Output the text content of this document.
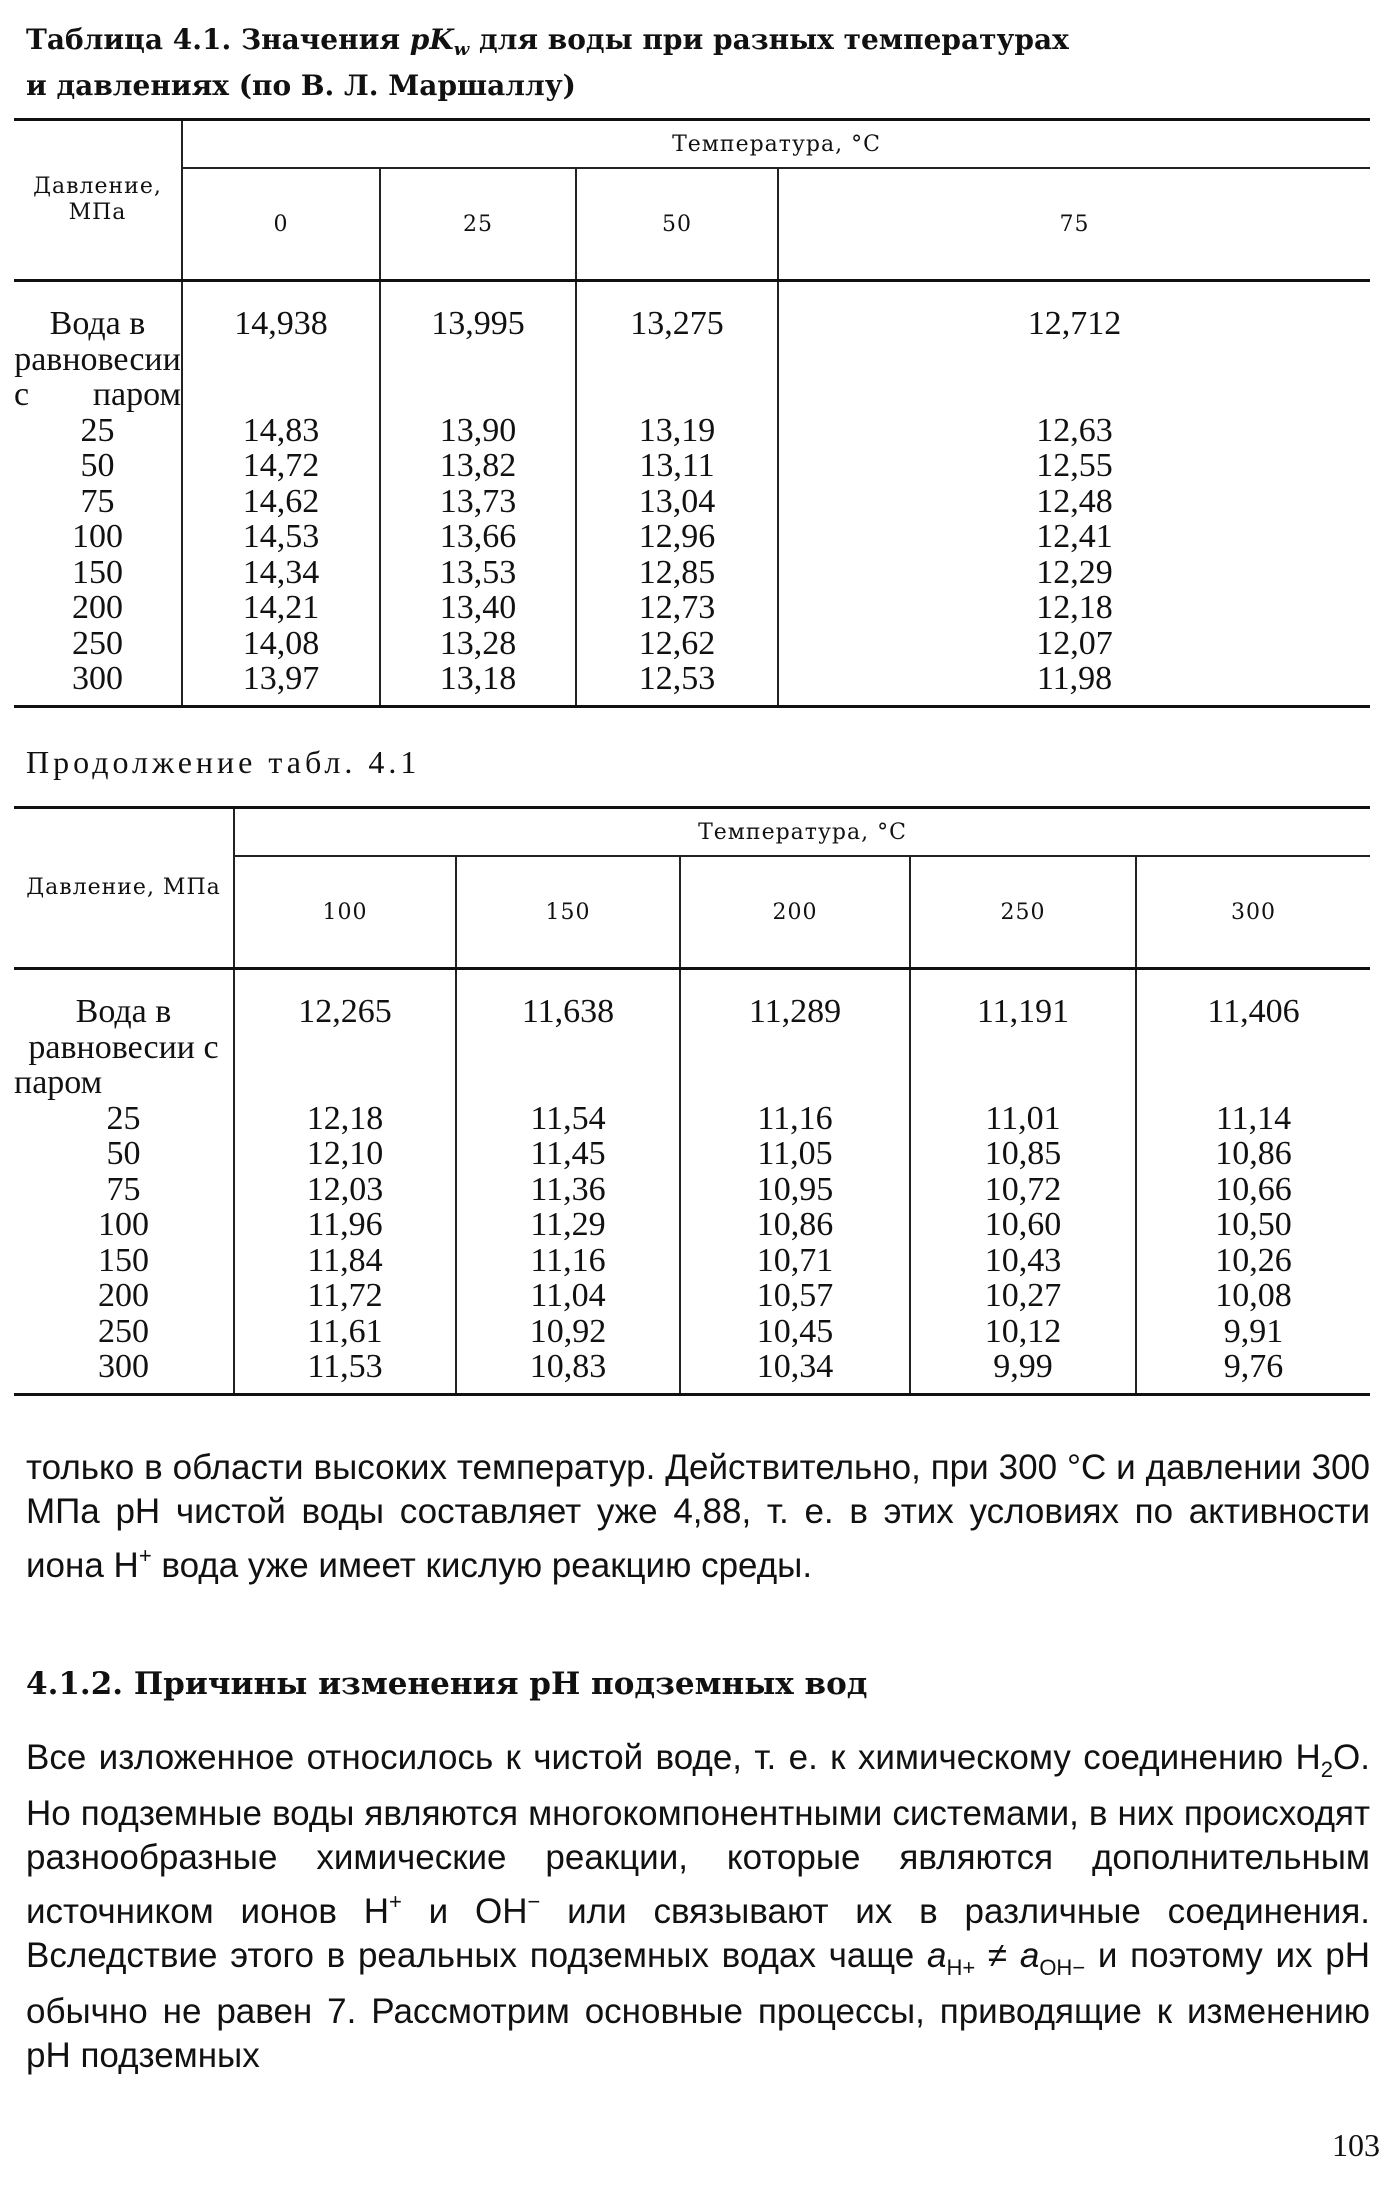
Таблица 4.1. Значения $pK_w$ для воды при разных температурах
и давлениях (по В. Л. Маршаллу)
Давление, МПа	Температура, °С			
	0	25	50	75
Вода в равновесии с паром	14,938	13,995	13,275	12,712
25	14,83	13,90	13,19	12,63
50	14,72	13,82	13,11	12,55
75	14,62	13,73	13,04	12,48
100	14,53	13,66	12,96	12,41
150	14,34	13,53	12,85	12,29
200	14,21	13,40	12,73	12,18
250	14,08	13,28	12,62	12,07
300	13,97	13,18	12,53	11,98
Продолжение табл. 4.1
Давление, МПа	Температура, °С				
	100	150	200	250	300
Вода в равновесии с паром	12,265	11,638	11,289	11,191	11,406
25	12,18	11,54	11,16	11,01	11,14
50	12,10	11,45	11,05	10,85	10,86
75	12,03	11,36	10,95	10,72	10,66
100	11,96	11,29	10,86	10,60	10,50
150	11,84	11,16	10,71	10,43	10,26
200	11,72	11,04	10,57	10,27	10,08
250	11,61	10,92	10,45	10,12	9,91
300	11,53	10,83	10,34	9,99	9,76
только в области высоких температур. Действительно, при 300 °С и давлении 300 МПа pH чистой воды составляет уже 4,88, т. е. в этих условиях по активности иона H+ вода уже имеет кислую реакцию среды.
4.1.2. Причины изменения pH подземных вод
Все изложенное относилось к чистой воде, т. е. к химическому соединению $H_2O$. Но подземные воды являются многокомпонентными системами, в них происходят разнообразные химические реакции, которые являются дополнительным источником ионов H+ и OH− или связывают их в различные соединения. Вследствие этого в реальных подземных водах чаще $a_{H+} \ne a_{OH-}$ и поэтому их pH обычно не равен 7. Рассмотрим основные процессы, приводящие к изменению pH подземных
103
